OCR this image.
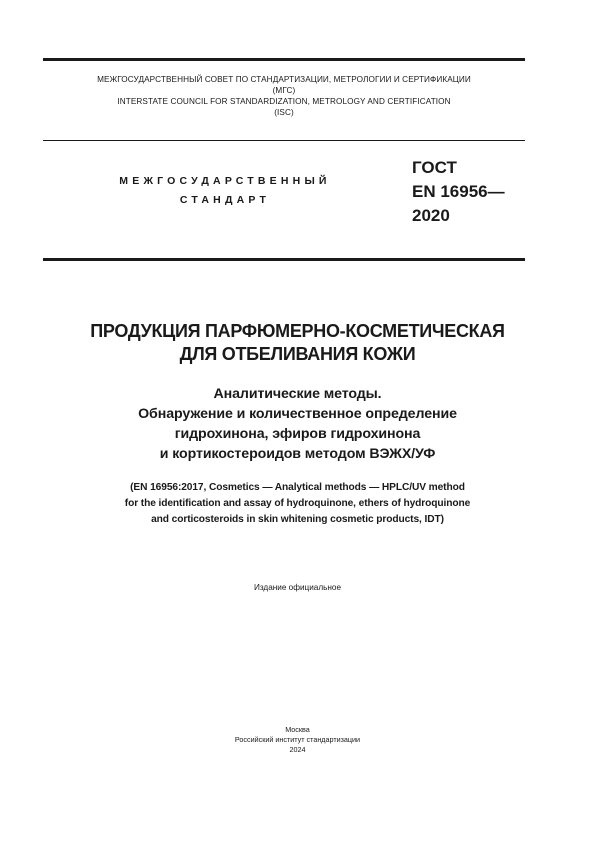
МЕЖГОСУДАРСТВЕННЫЙ СОВЕТ ПО СТАНДАРТИЗАЦИИ, МЕТРОЛОГИИ И СЕРТИФИКАЦИИ
(МГС)
INTERSTATE COUNCIL FOR STANDARDIZATION, METROLOGY AND CERTIFICATION
(ISC)
МЕЖГОСУДАРСТВЕННЫЙ
СТАНДАРТ
ГОСТ
EN 16956—
2020
ПРОДУКЦИЯ ПАРФЮМЕРНО-КОСМЕТИЧЕСКАЯ
ДЛЯ ОТБЕЛИВАНИЯ КОЖИ
Аналитические методы.
Обнаружение и количественное определение
гидрохинона, эфиров гидрохинона
и кортикостероидов методом ВЭЖХ/УФ
(EN 16956:2017, Cosmetics — Analytical methods — HPLC/UV method
for the identification and assay of hydroquinone, ethers of hydroquinone
and corticosteroids in skin whitening cosmetic products, IDT)
Издание официальное
Москва
Российский институт стандартизации
2024
